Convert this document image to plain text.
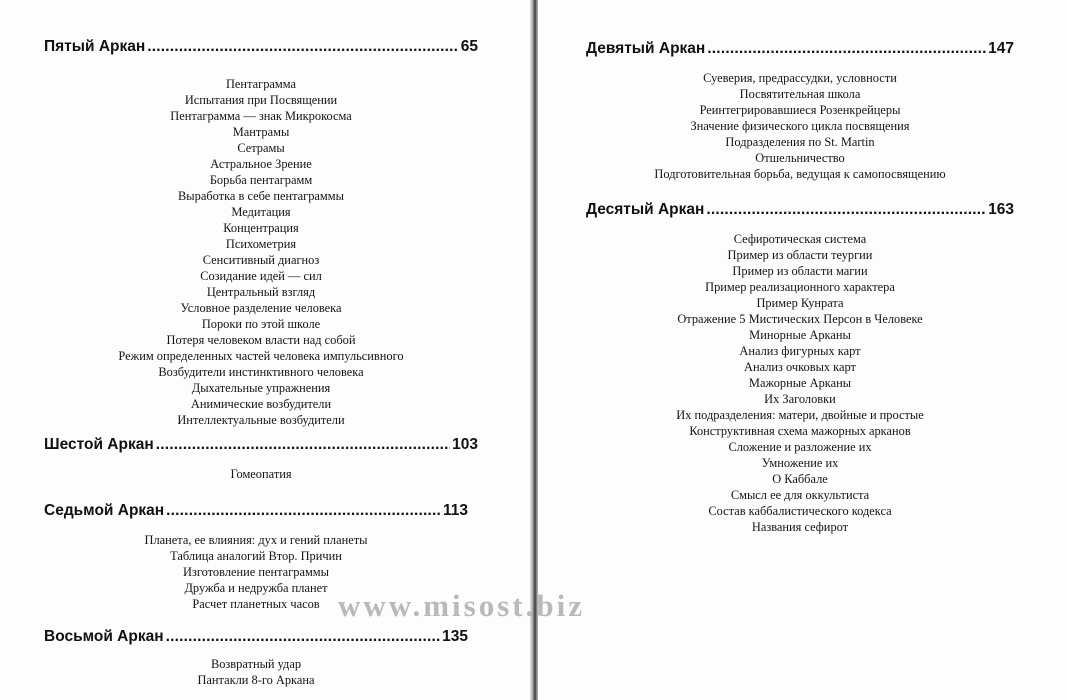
Пятый Аркан .....	65
Пентаграмма
Испытания при Посвящении
Пентаграмма — знак Микрокосма
Мантрамы
Сетрамы
Астральное Зрение
Борьба пентаграмм
Выработка в себе пентаграммы
Медитация
Концентрация
Психометрия
Сенситивный диагноз
Созидание идей — сил
Центральный взгляд
Условное разделение человека
Пороки по этой школе
Потеря человеком власти над собой
Режим определенных частей человека импульсивного
Возбудители инстинктивного человека
Дыхательные упражнения
Анимические возбудители
Интеллектуальные возбудители
Шестой Аркан .....	103
Гомеопатия
Седьмой Аркан .....	113
Планета, ее влияния: дух и гений планеты
Таблица аналогий Втор. Причин
Изготовление пентаграммы
Дружба и недружба планет
Расчет планетных часов
Восьмой Аркан .....	135
Возвратный удар
Пантакли 8-го Аркана
Девятый Аркан .....	147
Суеверия, предрассудки, условности
Посвятительная школа
Реинтегрировавшиеся Розенкрейцеры
Значение физического цикла посвящения
Подразделения по St. Martin
Отшельничество
Подготовительная борьба, ведущая к самопосвящению
Десятый Аркан .....	163
Сефиротическая система
Пример из области теургии
Пример из области магии
Пример реализационного характера
Пример Кунрата
Отражение 5 Мистических Персон в Человеке
Минорные Арканы
Анализ фигурных карт
Анализ очковых карт
Мажорные Арканы
Их Заголовки
Их подразделения: матери, двойные и простые
Конструктивная схема мажорных арканов
Сложение и разложение их
Умножение их
О Каббале
Смысл ее для оккультиста
Состав каббалистического кодекса
Названия сефирот
www.misost.biz
